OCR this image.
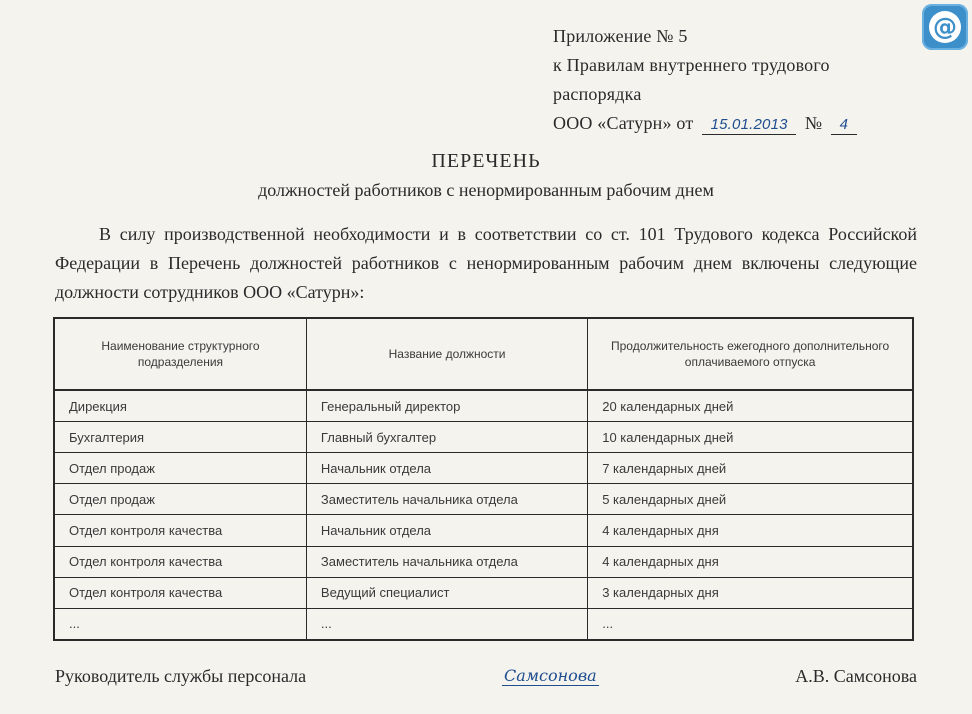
@
Приложение № 5
к Правилам внутреннего трудового
распорядка
ООО «Сатурн» от 15.01.2013 № 4
ПЕРЕЧЕНЬ
должностей работников с ненормированным рабочим днем
В силу производственной необходимости и в соответствии со ст. 101 Трудового кодекса Российской Федерации в Перечень должностей работников с ненормированным рабочим днем включены следующие должности сотрудников ООО «Сатурн»:
Наименование структурного подразделения	Название должности	Продолжительность ежегодного дополнительного оплачиваемого отпуска
Дирекция	Генеральный директор	20 календарных дней
Бухгалтерия	Главный бухгалтер	10 календарных дней
Отдел продаж	Начальник отдела	7 календарных дней
Отдел продаж	Заместитель начальника отдела	5 календарных дней
Отдел контроля качества	Начальник отдела	4 календарных дня
Отдел контроля качества	Заместитель начальника отдела	4 календарных дня
Отдел контроля качества	Ведущий специалист	3 календарных дня
...	...	...
Руководитель службы персонала	Самсонова	А.В. Самсонова
